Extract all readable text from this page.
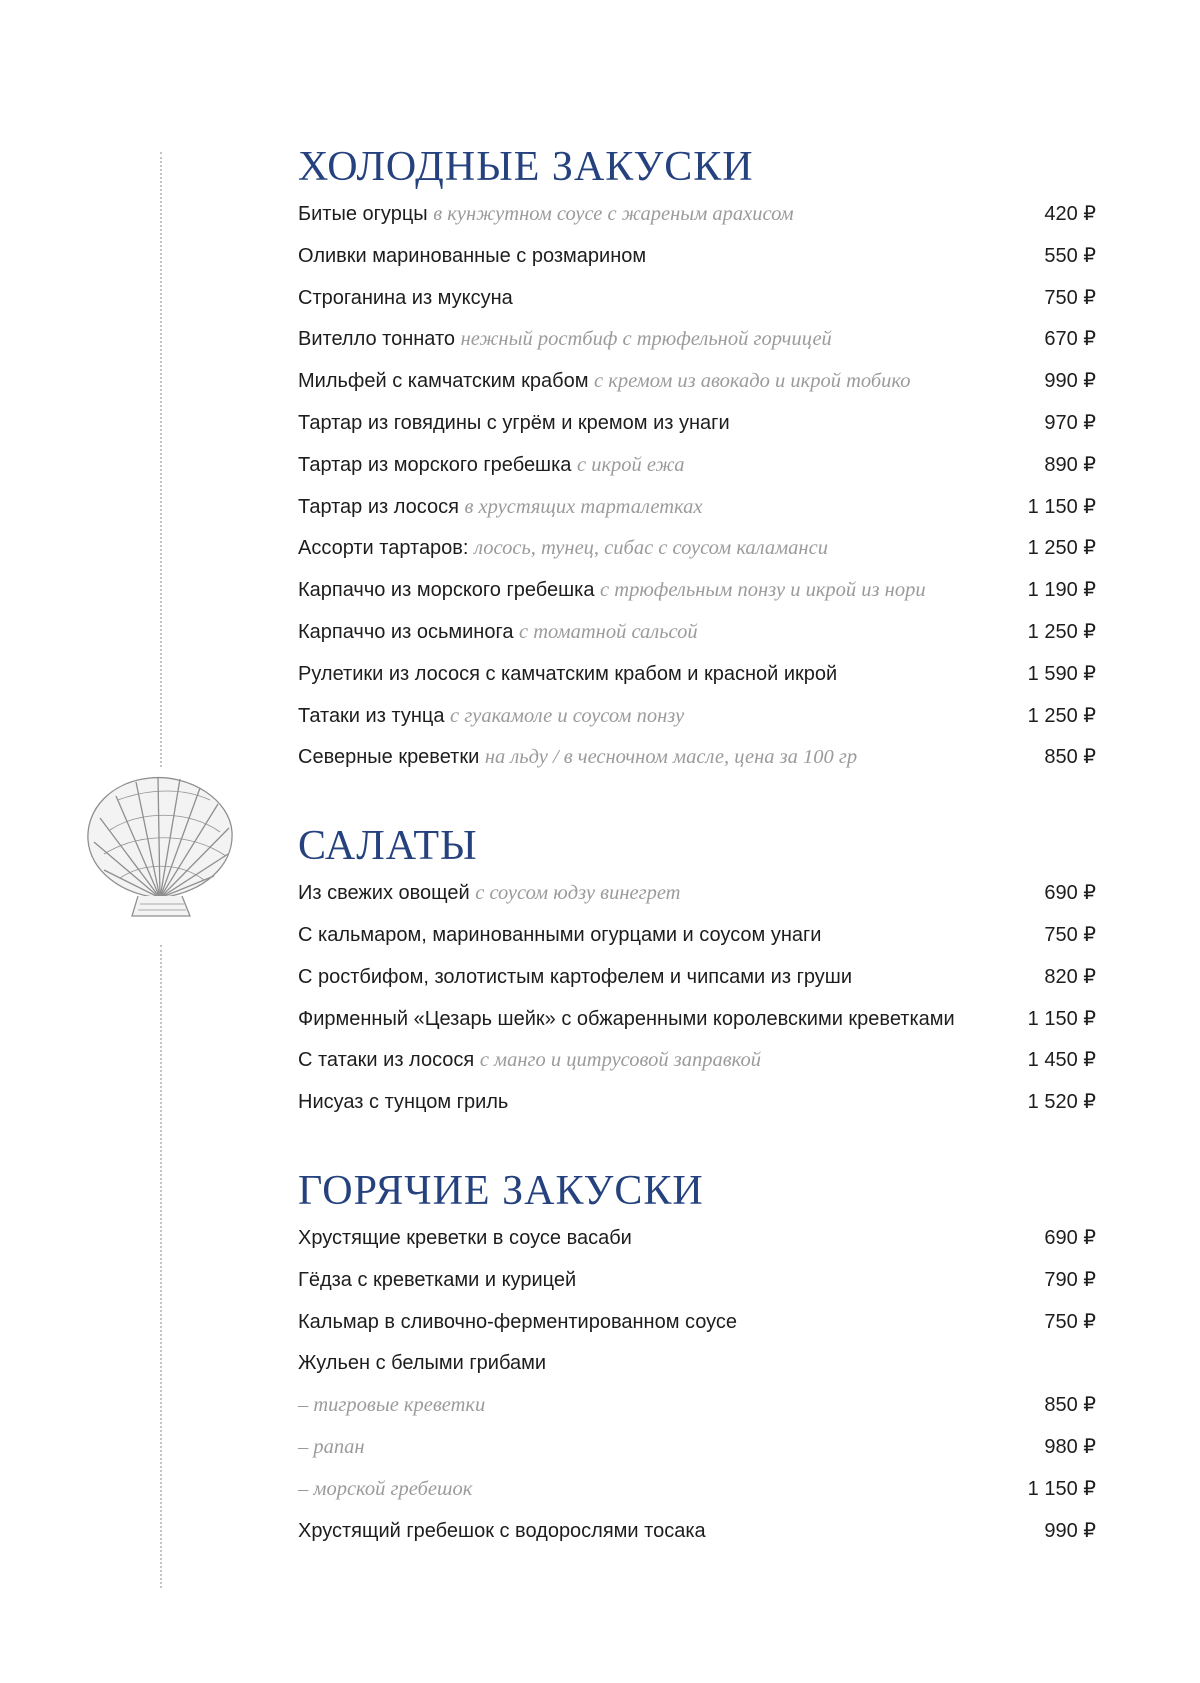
ХОЛОДНЫЕ ЗАКУСКИ
Битые огурцы в кунжутном соусе с жареным арахисом	420 ₽
Оливки маринованные с розмарином	550 ₽
Строганина из муксуна	750 ₽
Вителло тоннато нежный ростбиф с трюфельной горчицей	670 ₽
Мильфей с камчатским крабом с кремом из авокадо и икрой тобико	990 ₽
Тартар из говядины с угрём и кремом из унаги	970 ₽
Тартар из морского гребешка с икрой ежа	890 ₽
Тартар из лосося в хрустящих тарталетках	1 150 ₽
Ассорти тартаров: лосось, тунец, сибас с соусом каламанси	1 250 ₽
Карпаччо из морского гребешка с трюфельным понзу и икрой из нори	1 190 ₽
Карпаччо из осьминога с томатной сальсой	1 250 ₽
Рулетики из лосося с камчатским крабом и красной икрой	1 590 ₽
Татаки из тунца с гуакамоле и соусом понзу	1 250 ₽
Северные креветки на льду / в чесночном масле, цена за 100 гр	850 ₽
САЛАТЫ
Из свежих овощей с соусом юдзу винегрет	690 ₽
С кальмаром, маринованными огурцами и соусом унаги	750 ₽
С ростбифом, золотистым картофелем и чипсами из груши	820 ₽
Фирменный «Цезарь шейк» с обжаренными королевскими креветками	1 150 ₽
С татаки из лосося с манго и цитрусовой заправкой	1 450 ₽
Нисуаз с тунцом гриль	1 520 ₽
ГОРЯЧИЕ ЗАКУСКИ
Хрустящие креветки в соусе васаби	690 ₽
Гёдза с креветками и курицей	790 ₽
Кальмар в сливочно-ферментированном соусе	750 ₽
Жульен с белыми грибами
– тигровые креветки	850 ₽
– рапан	980 ₽
– морской гребешок	1 150 ₽
Хрустящий гребешок с водорослями тосака	990 ₽
